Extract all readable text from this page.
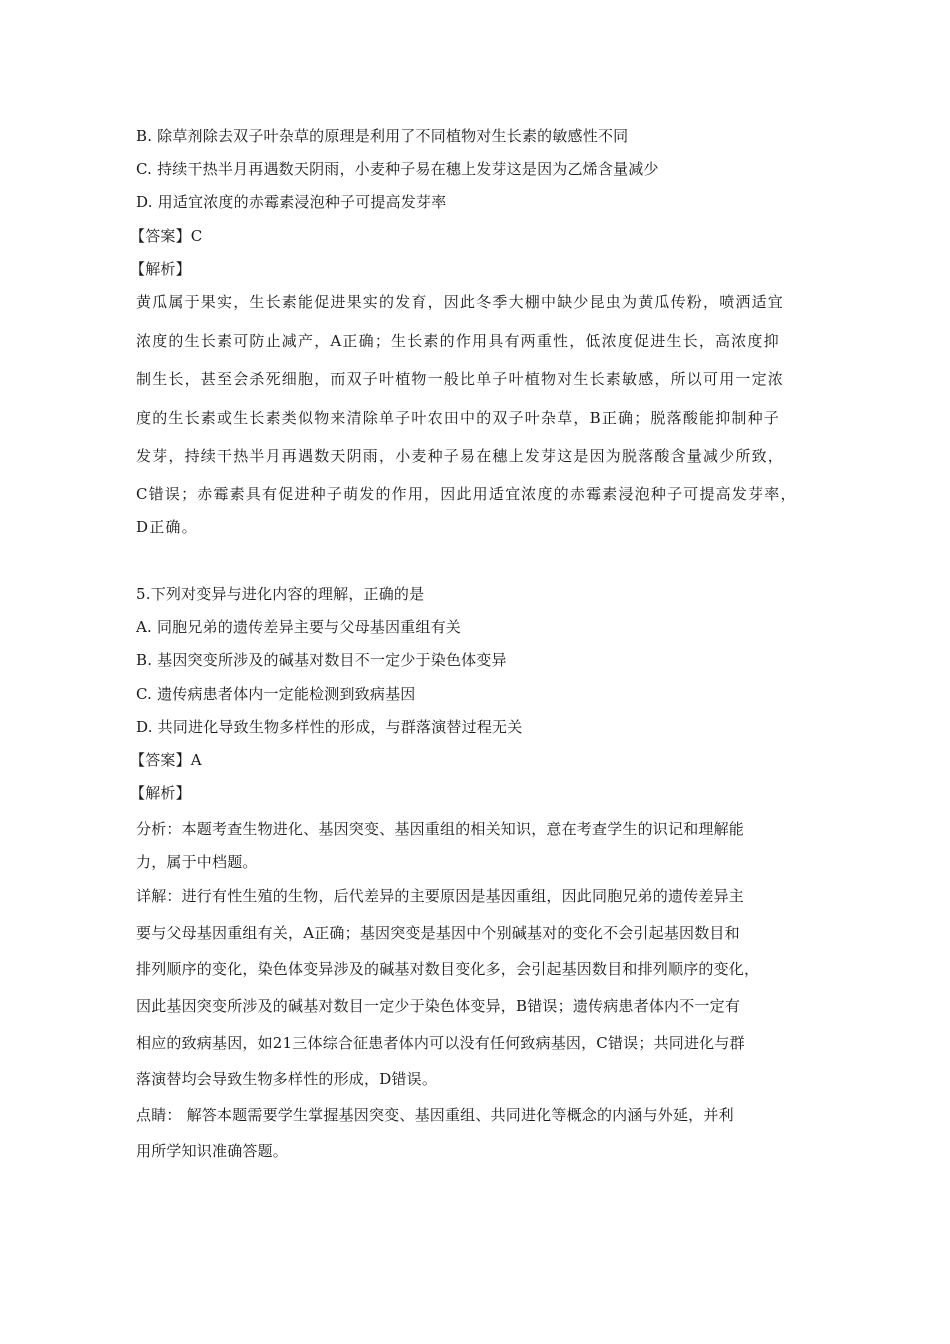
B. 除草剂除去双子叶杂草的原理是利用了不同植物对生长素的敏感性不同
C. 持续干热半月再遇数天阴雨，小麦种子易在穗上发芽这是因为乙烯含量减少
D. 用适宜浓度的赤霉素浸泡种子可提高发芽率
【答案】C
【解析】
黄瓜属于果实，生长素能促进果实的发育，因此冬季大棚中缺少昆虫为黄瓜传粉，喷洒适宜
浓度的生长素可防止减产，A正确；生长素的作用具有两重性，低浓度促进生长，高浓度抑
制生长，甚至会杀死细胞，而双子叶植物一般比单子叶植物对生长素敏感，所以可用一定浓
度的生长素或生长素类似物来清除单子叶农田中的双子叶杂草，B正确；脱落酸能抑制种子
发芽，持续干热半月再遇数天阴雨，小麦种子易在穗上发芽这是因为脱落酸含量减少所致，
C错误；赤霉素具有促进种子萌发的作用，因此用适宜浓度的赤霉素浸泡种子可提高发芽率，
D正确。
5.下列对变异与进化内容的理解，正确的是
A. 同胞兄弟的遗传差异主要与父母基因重组有关
B. 基因突变所涉及的碱基对数目不一定少于染色体变异
C. 遗传病患者体内一定能检测到致病基因
D. 共同进化导致生物多样性的形成，与群落演替过程无关
【答案】A
【解析】
分析：本题考查生物进化、基因突变、基因重组的相关知识，意在考查学生的识记和理解能
力，属于中档题。
详解：进行有性生殖的生物，后代差异的主要原因是基因重组，因此同胞兄弟的遗传差异主
要与父母基因重组有关，A正确；基因突变是基因中个别碱基对的变化不会引起基因数目和
排列顺序的变化，染色体变异涉及的碱基对数目变化多，会引起基因数目和排列顺序的变化，
因此基因突变所涉及的碱基对数目一定少于染色体变异，B错误；遗传病患者体内不一定有
相应的致病基因，如21三体综合征患者体内可以没有任何致病基因，C错误；共同进化与群
落演替均会导致生物多样性的形成，D错误。
点睛： 解答本题需要学生掌握基因突变、基因重组、共同进化等概念的内涵与外延，并利
用所学知识准确答题。
